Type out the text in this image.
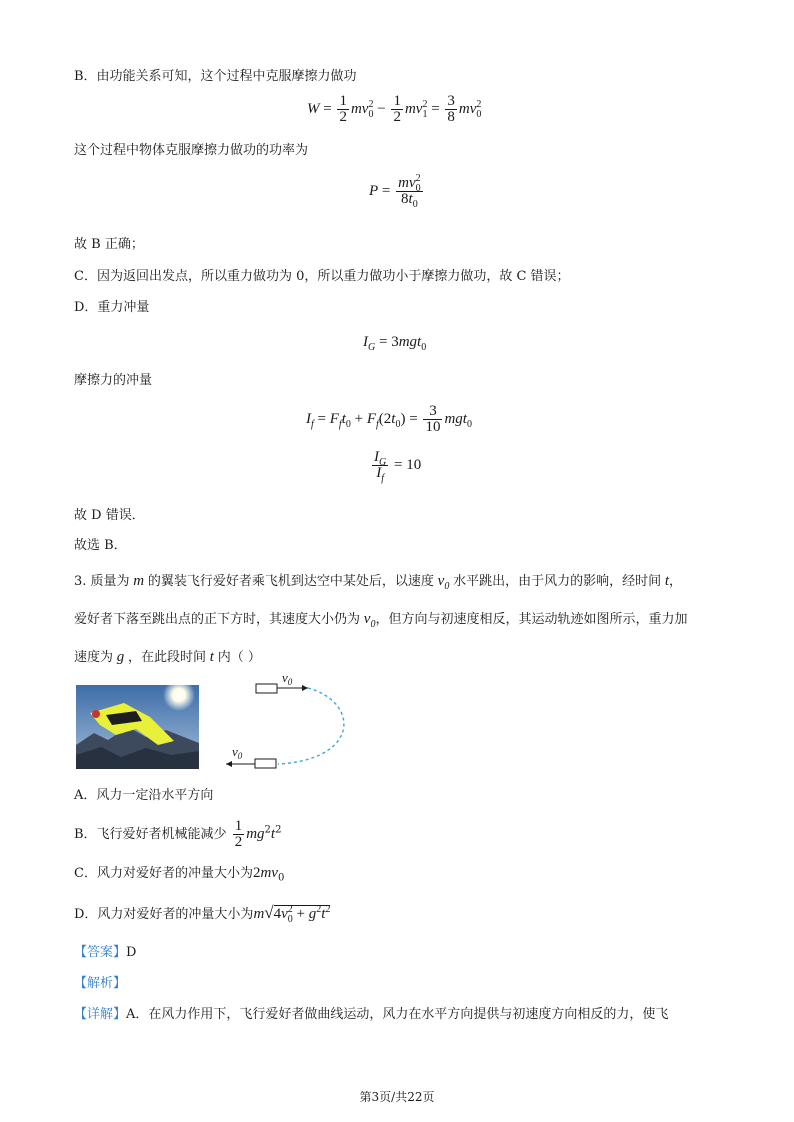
B．由功能关系可知，这个过程中克服摩擦力做功
$W = \frac{1}{2} mv_0^2 - \frac{1}{2} mv_1^2 = \frac{3}{8} mv_0^2$
这个过程中物体克服摩擦力做功的功率为
$P = \frac{mv_0^2}{8t_0}$
故 B 正确；
C．因为返回出发点，所以重力做功为 0，所以重力做功小于摩擦力做功，故 C 错误；
D．重力冲量
$I_G = 3mgt_0$
摩擦力的冲量
$I_f = F_ft_0 + F_f(2t_0) = \frac{3}{10} mgt_0$
$\frac{I_G}{I_f} = 10$
故 D 错误．
故选 B．
3. 质量为 m 的翼装飞行爱好者乘飞机到达空中某处后，以速度 $v_0$ 水平跳出，由于风力的影响，经时间 t，
爱好者下落至跳出点的正下方时，其速度大小仍为 $v_0$，但方向与初速度相反，其运动轨迹如图所示，重力加
速度为 g ，在此段时间 t 内（ ）
$v_0$
$v_0$
A．风力一定沿水平方向
B．飞行爱好者机械能减少 $\frac{1}{2} mg^2t^2$
C．风力对爱好者的冲量大小为$2mv_0$
D．风力对爱好者的冲量大小为$m√4v_0^2 + g^2t^2$
【答案】D
【解析】
【详解】A．在风力作用下，飞行爱好者做曲线运动，风力在水平方向提供与初速度方向相反的力，使飞
第3页/共22页
